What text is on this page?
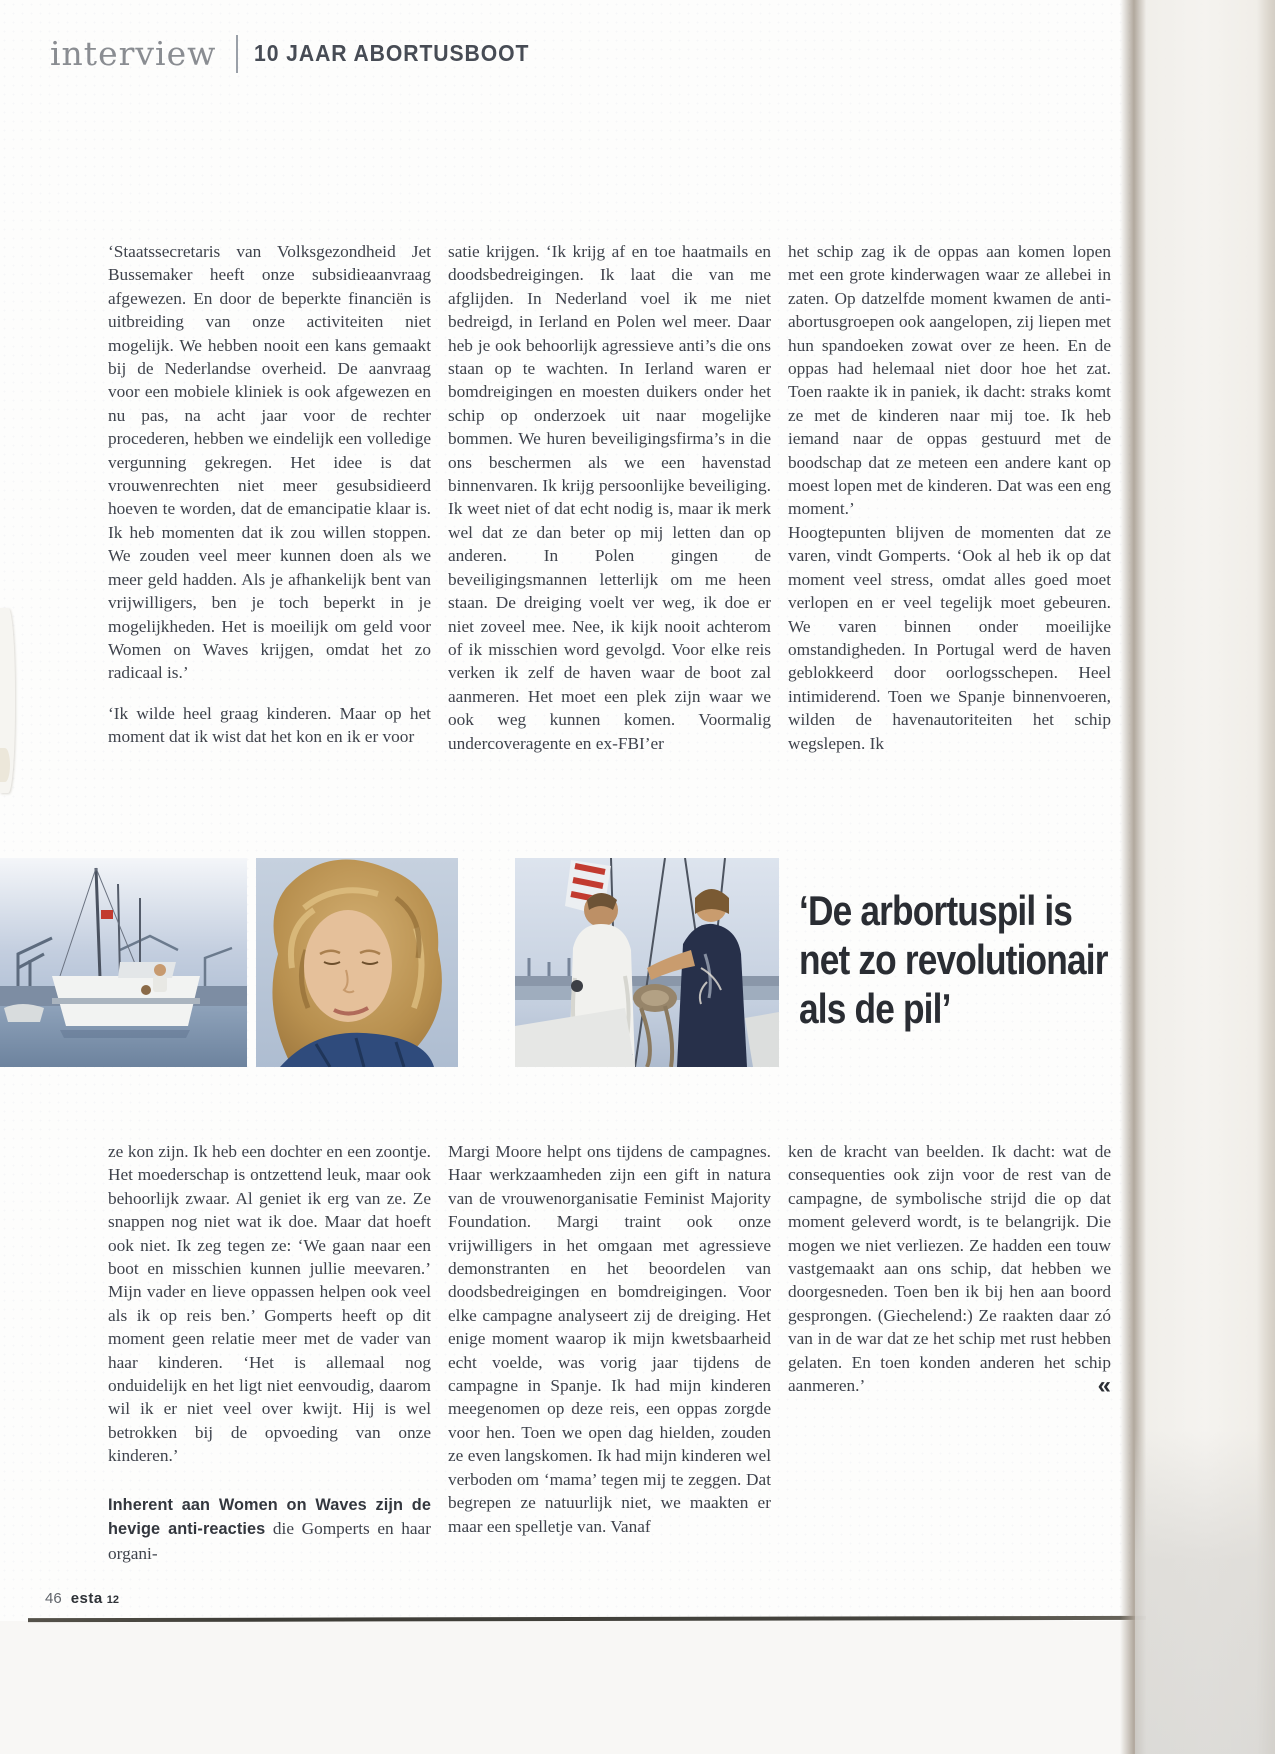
interview 10 JAAR ABORTUSBOOT

‘Staatssecretaris van Volksgezondheid Jet Bussemaker heeft onze subsidieaanvraag afgewezen. En door de beperkte financiën is uitbreiding van onze activiteiten niet mogelijk. We hebben nooit een kans gemaakt bij de Nederlandse overheid. De aanvraag voor een mobiele kliniek is ook afgewezen en nu pas, na acht jaar voor de rechter procederen, hebben we eindelijk een volledige vergunning gekregen. Het idee is dat vrouwenrechten niet meer gesubsidieerd hoeven te worden, dat de emancipatie klaar is. Ik heb momenten dat ik zou willen stoppen. We zouden veel meer kunnen doen als we meer geld hadden. Als je afhankelijk bent van vrijwilligers, ben je toch beperkt in je mogelijkheden. Het is moeilijk om geld voor Women on Waves krijgen, omdat het zo radicaal is.’

‘Ik wilde heel graag kinderen. Maar op het moment dat ik wist dat het kon en ik er voor

satie krijgen. ‘Ik krijg af en toe haatmails en doodsbedreigingen. Ik laat die van me afglijden. In Nederland voel ik me niet bedreigd, in Ierland en Polen wel meer. Daar heb je ook behoorlijk agressieve anti’s die ons staan op te wachten. In Ierland waren er bomdreigingen en moesten duikers onder het schip op onderzoek uit naar mogelijke bommen. We huren beveiligingsfirma’s in die ons beschermen als we een havenstad binnenvaren. Ik krijg persoonlijke beveiliging. Ik weet niet of dat echt nodig is, maar ik merk wel dat ze dan beter op mij letten dan op anderen. In Polen gingen de beveiligingsmannen letterlijk om me heen staan. De dreiging voelt ver weg, ik doe er niet zoveel mee. Nee, ik kijk nooit achterom of ik misschien word gevolgd. Voor elke reis verken ik zelf de haven waar de boot zal aanmeren. Het moet een plek zijn waar we ook weg kunnen komen. Voormalig undercoveragente en ex-FBI’er

het schip zag ik de oppas aan komen lopen met een grote kinderwagen waar ze allebei in zaten. Op datzelfde moment kwamen de anti-abortusgroepen ook aangelopen, zij liepen met hun spandoeken zowat over ze heen. En de oppas had helemaal niet door hoe het zat. Toen raakte ik in paniek, ik dacht: straks komt ze met de kinderen naar mij toe. Ik heb iemand naar de oppas gestuurd met de boodschap dat ze meteen een andere kant op moest lopen met de kinderen. Dat was een eng moment.’

Hoogtepunten blijven de momenten dat ze varen, vindt Gomperts. ‘Ook al heb ik op dat moment veel stress, omdat alles goed moet verlopen en er veel tegelijk moet gebeuren. We varen binnen onder moeilijke omstandigheden. In Portugal werd de haven geblokkeerd door oorlogsschepen. Heel intimiderend. Toen we Spanje binnenvoeren, wilden de havenautoriteiten het schip wegslepen. Ik

‘De arbortuspil is
net zo revolutionair
als de pil’

ze kon zijn. Ik heb een dochter en een zoontje. Het moederschap is ontzettend leuk, maar ook behoorlijk zwaar. Al geniet ik erg van ze. Ze snappen nog niet wat ik doe. Maar dat hoeft ook niet. Ik zeg tegen ze: ‘We gaan naar een boot en misschien kunnen jullie meevaren.’ Mijn vader en lieve oppassen helpen ook veel als ik op reis ben.’ Gomperts heeft op dit moment geen relatie meer met de vader van haar kinderen. ‘Het is allemaal nog onduidelijk en het ligt niet eenvoudig, daarom wil ik er niet veel over kwijt. Hij is wel betrokken bij de opvoeding van onze kinderen.’

Inherent aan Women on Waves zijn de hevige anti-reacties die Gomperts en haar organi-

Margi Moore helpt ons tijdens de campagnes. Haar werkzaamheden zijn een gift in natura van de vrouwenorganisatie Feminist Majority Foundation. Margi traint ook onze vrijwilligers in het omgaan met agressieve demonstranten en het beoordelen van doodsbedreigingen en bomdreigingen. Voor elke campagne analyseert zij de dreiging. Het enige moment waarop ik mijn kwetsbaarheid echt voelde, was vorig jaar tijdens de campagne in Spanje. Ik had mijn kinderen meegenomen op deze reis, een oppas zorgde voor hen. Toen we open dag hielden, zouden ze even langskomen. Ik had mijn kinderen wel verboden om ‘mama’ tegen mij te zeggen. Dat begrepen ze natuurlijk niet, we maakten er maar een spelletje van. Vanaf

ken de kracht van beelden. Ik dacht: wat de consequenties ook zijn voor de rest van de campagne, de symbolische strijd die op dat moment geleverd wordt, is te belangrijk. Die mogen we niet verliezen. Ze hadden een touw vastgemaakt aan ons schip, dat hebben we doorgesneden. Toen ben ik bij hen aan boord gesprongen. (Giechelend:) Ze raakten daar zó van in de war dat ze het schip met rust hebben gelaten. En toen konden anderen het schip aanmeren.’	«

46 esta 12
